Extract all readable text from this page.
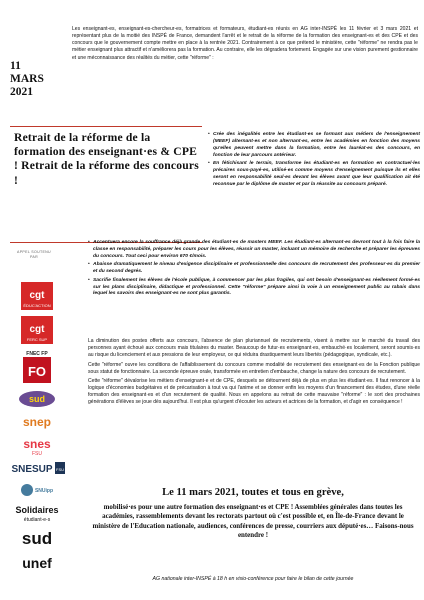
11
MARS
2021

Les enseignant-es, enseignant-es-chercheur-es, formatrices et formateurs, étudiant-es réunis en AG inter-INSPÉ les 11 février et 3 mars 2021 et représentant plus de la moitié des INSPÉ de France, demandent l'arrêt et le retrait de la réforme de la formation des enseignant-es et des CPE et des concours que le gouvernement compte mettre en place à la rentrée 2021. Contrairement à ce que prétend le ministère, cette "réforme" ne rendra pas le métier enseignant plus attractif et n'améliorera pas la formation. Au contraire, elle les dégradera fortement. Engagée sur une vision purement gestionnaire et une méconnaissance des réalités du métier, cette "réforme" :

Retrait de la réforme de la formation des enseignant·es & CPE ! Retrait de la réforme des concours !
• Crée des inégalités entre les étudiant·es se formant aux métiers de l'enseignement (MEEF) alternant·es et non alternant·es, entre les académies en fonction des moyens qu'elles peuvent mettre dans la formation, entre les lauréat·es des concours, en fonction de leur parcours antérieur.
• En fétichisant le terrain, transforme les étudiant·es en formation en contractuel·les précaires sous-payé·es, utilisé·es comme moyens d'enseignement puisque ils et elles seront en responsabilité seul·es devant les élèves avant que leur qualification ait été reconnue par le diplôme de master et par la réussite au concours préparé.
APPEL SOUTENU PAR
cgt
ÉDUC'ACTION
cgt
FERC SUP
FNEC FP
FO
sud
snep
snes
FSU
SNESUP FSU
SNUipp
Solidaires
étudiant-e-s
sud
unef
• Accentuera encore la souffrance déjà grande des étudiant·es de masters MEEF. Les étudiant·es alternant·es devront tout à la fois faire la classe en responsabilité, préparer les cours pour les élèves, réussir un master, incluant un mémoire de recherche et préparer les épreuves du concours. Tout ceci pour environ 670 €/mois.
• Abaisse dramatiquement le niveau d'exigence disciplinaire et professionnelle des concours de recrutement des professeur·es du premier et du second degrés.
• Sacrifie finalement les élèves de l'école publique, à commencer par les plus fragiles, qui ont besoin d'enseignant·es réellement formé·es sur les plans disciplinaire, didactique et professionnel. Cette "réforme" prépare ainsi la voie à un enseignement public au rabais dans lequel les savoirs des enseignant·es ne sont plus garantis.

La diminution des postes offerts aux concours, l'absence de plan pluriannuel de recrutements, visent à mettre sur le marché du travail des personnes ayant échoué aux concours mais titulaires du master. Beaucoup de futur·es enseignant·es, embauché·es localement, seront soumis·es au risque du licenciement et aux pressions de leur employeur, ce qui réduira drastiquement leurs libertés (pédagogique, syndicale, etc.).

Cette "réforme" ouvre les conditions de l'affaiblissement du concours comme modalité de recrutement des enseignant·es de la Fonction publique sous statut de fonctionnaire. La seconde épreuve orale, transformée en entretien d'embauche, change la nature des concours de recrutement.

Cette "réforme" dévalorise les métiers d'enseignant·e et de CPE, desquels se détournent déjà de plus en plus les étudiant·es. Il faut renoncer à la logique d'économies budgétaires et de précarisation à tout va qui l'anime et se donner enfin les moyens d'un financement des études, d'une réelle formation des enseignant·es et d'un recrutement de qualité. Nous en appelons au retrait de cette mauvaise "réforme" : le sort des prochaines générations d'élèves se joue dès aujourd'hui. Il est plus qu'urgent d'écouter les acteurs et actrices de la formation, et d'agir en conséquence !

Le 11 mars 2021, toutes et tous en grève,

mobilisé·es pour une autre formation des enseignant·es et CPE ! Assemblées générales dans toutes les académies, rassemblements devant les rectorats partout où c'est possible et, en Île-de-France devant le ministère de l'Education nationale, audiences, conférences de presse, courriers aux député·es… Faisons-nous entendre !

AG nationale inter-INSPÉ à 18 h en visio-conférence pour faire le bilan de cette journée
